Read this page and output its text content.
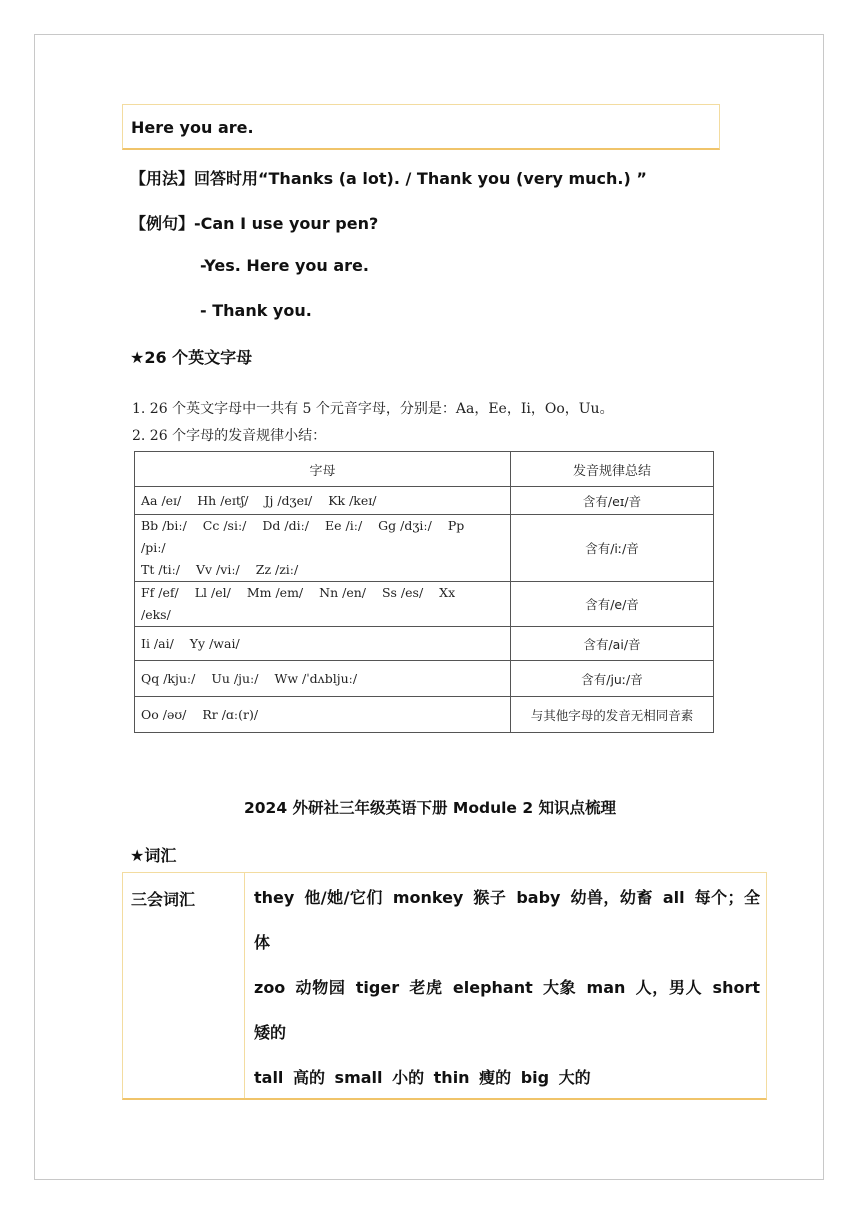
Here you are.
【用法】回答时用“Thanks (a lot). / Thank you (very much.) ”
【例句】-Can I use your pen?
-Yes. Here you are.
- Thank you.
★26 个英文字母
1. 26 个英文字母中一共有 5 个元音字母，分别是：Aa，Ee，Ii，Oo，Uu。
2. 26 个字母的发音规律小结：
字母	发音规律总结
Aa /eɪ/ Hh /eɪtʃ/ Jj /dʒeɪ/ Kk /keɪ/	含有/eɪ/音
Bb /biː/ Cc /siː/ Dd /diː/ Ee /iː/ Gg /dʒiː/ Pp /piː/
Tt /tiː/ Vv /viː/ Zz /ziː/	含有/iː/音
Ff /ef/ Ll /el/ Mm /em/ Nn /en/ Ss /es/ Xx /eks/	含有/e/音
Ii /ai/ Yy /wai/	含有/ai/音
Qq /kjuː/ Uu /juː/ Ww /ˈdʌbljuː/	含有/juː/音
Oo /əʊ/ Rr /ɑː(r)/	与其他字母的发音无相同音素
2024 外研社三年级英语下册 Module 2 知识点梳理
★词汇
三会词汇	they 他/她/它们 monkey 猴子 baby 幼兽，幼畜 all 每个；全
体
zoo 动物园 tiger 老虎 elephant 大象 man 人，男人 short
矮的
tall 高的 small 小的 thin 瘦的 big 大的
